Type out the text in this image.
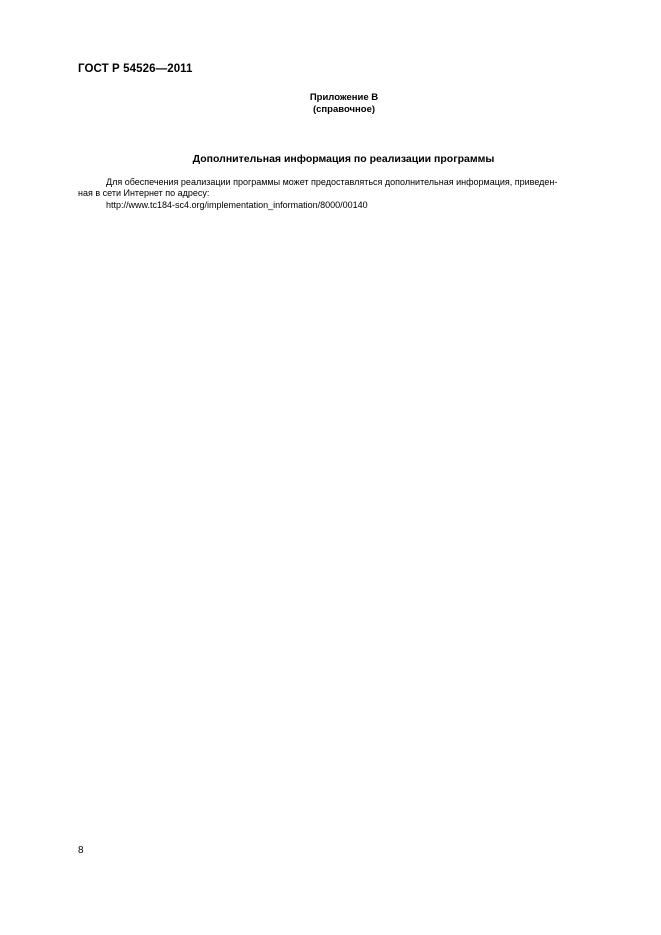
ГОСТ Р 54526—2011
Приложение В
(справочное)
Дополнительная информация по реализации программы
Для обеспечения реализации программы может предоставляться дополнительная информация, приведен-
ная в сети Интернет по адресу:
http://www.tc184-sc4.org/implementation_information/8000/00140
8
